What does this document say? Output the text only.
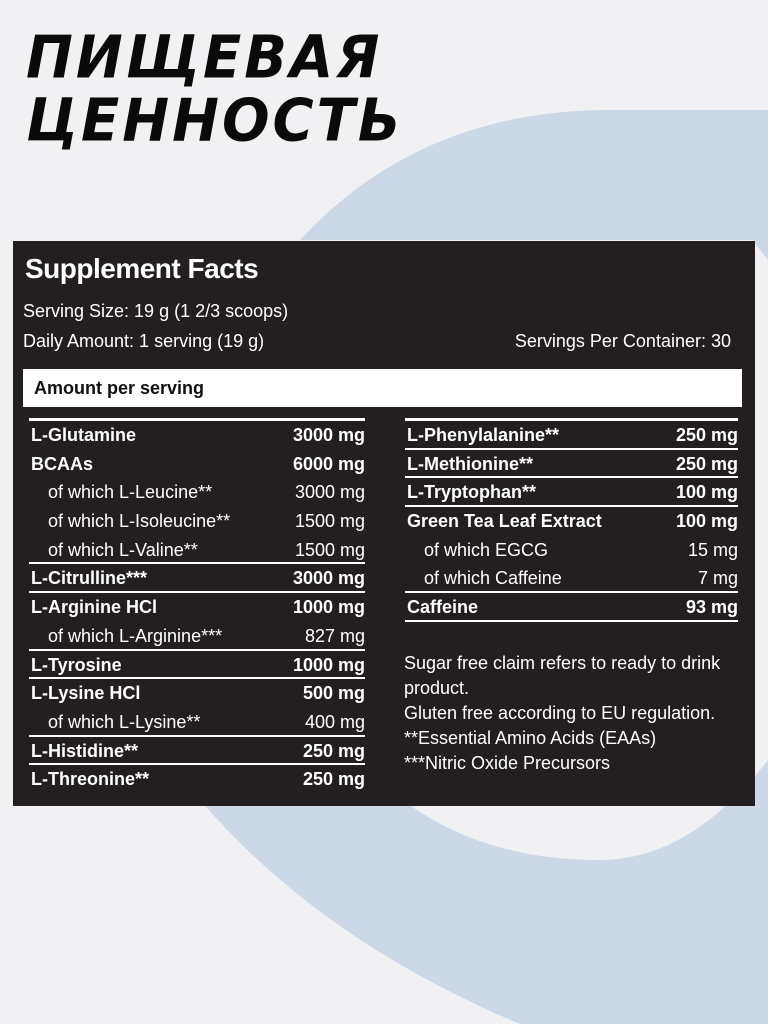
ПИЩЕВАЯ
ЦЕННОСТЬ
Supplement Facts
Serving Size: 19 g (1 2/3 scoops)
Daily Amount: 1 serving (19 g)	Servings Per Container: 30
Amount per serving
L-Glutamine	3000 mg
BCAAs	6000 mg
of which L-Leucine**	3000 mg
of which L-Isoleucine**	1500 mg
of which L-Valine**	1500 mg
L-Citrulline***	3000 mg
L-Arginine HCl	1000 mg
of which L-Arginine***	827 mg
L-Tyrosine	1000 mg
L-Lysine HCl	500 mg
of which L-Lysine**	400 mg
L-Histidine**	250 mg
L-Threonine**	250 mg
L-Phenylalanine**	250 mg
L-Methionine**	250 mg
L-Tryptophan**	100 mg
Green Tea Leaf Extract	100 mg
of which EGCG	15 mg
of which Caffeine	7 mg
Caffeine	93 mg
Sugar free claim refers to ready to drink product.
Gluten free according to EU regulation.
**Essential Amino Acids (EAAs)
***Nitric Oxide Precursors
